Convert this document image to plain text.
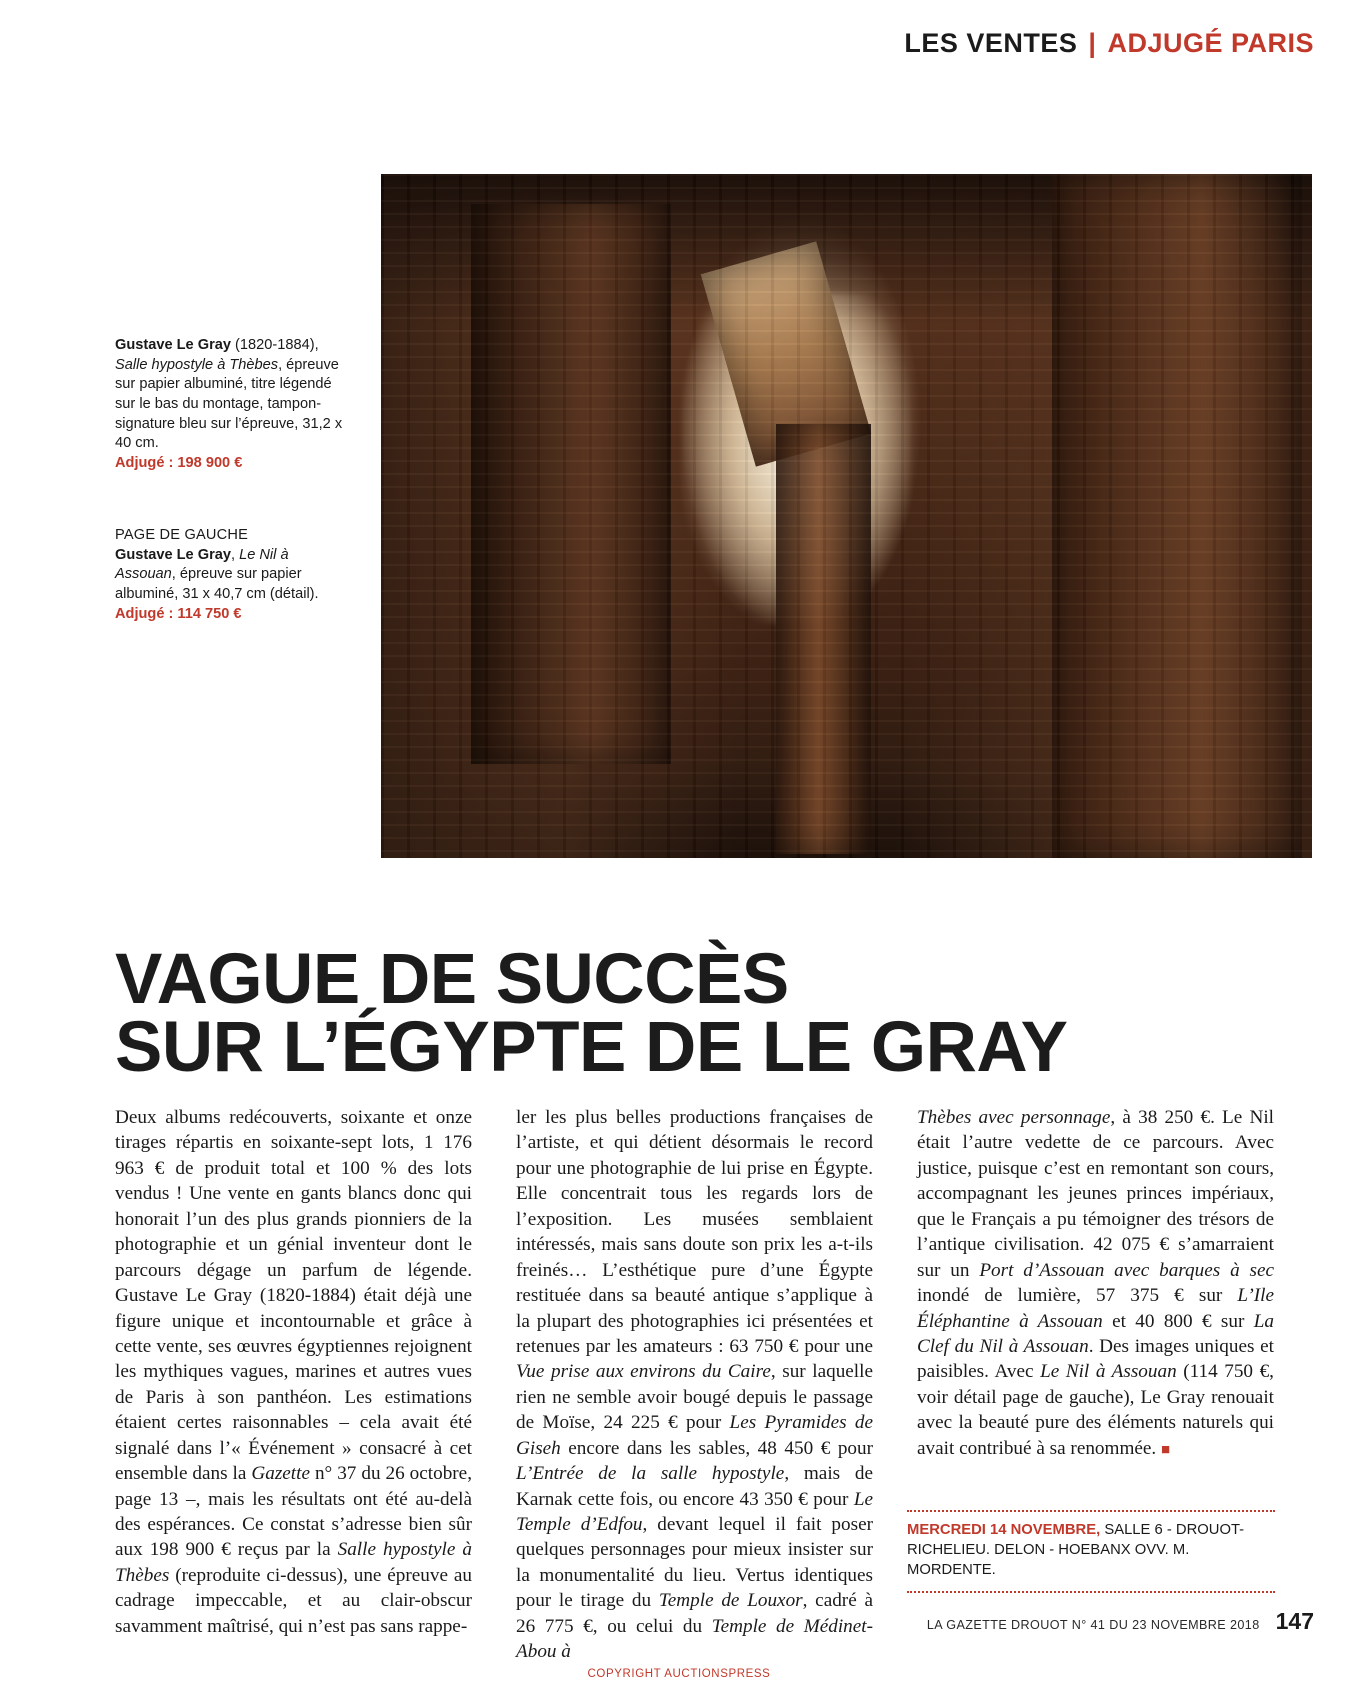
LES VENTES | ADJUGÉ PARIS
Gustave Le Gray (1820-1884),
Salle hypostyle à Thèbes, épreuve sur papier albuminé, titre légendé sur le bas du montage, tampon-signature bleu sur l’épreuve, 31,2 x 40 cm.
Adjugé : 198 900 €
PAGE DE GAUCHE
Gustave Le Gray, Le Nil à Assouan, épreuve sur papier albuminé, 31 x 40,7 cm (détail).
Adjugé : 114 750 €
VAGUE DE SUCCÈS
SUR L’ÉGYPTE DE LE GRAY

Deux albums redécouverts, soixante et onze tirages répartis en soixante-sept lots, 1 176 963 € de produit total et 100 % des lots vendus ! Une vente en gants blancs donc qui honorait l’un des plus grands pionniers de la photographie et un génial inventeur dont le parcours dégage un parfum de légende. Gustave Le Gray (1820-1884) était déjà une figure unique et incontournable et grâce à cette vente, ses œuvres égyptiennes rejoignent les mythiques vagues, marines et autres vues de Paris à son panthéon. Les estimations étaient certes raisonnables – cela avait été signalé dans l’« Événement » consacré à cet ensemble dans la Gazette n° 37 du 26 octobre, page 13 –, mais les résultats ont été au-delà des espérances. Ce constat s’adresse bien sûr aux 198 900 € reçus par la Salle hypostyle à Thèbes (reproduite ci-dessus), une épreuve au cadrage impeccable, et au clair-obscur savamment maîtrisé, qui n’est pas sans rappe-

ler les plus belles productions françaises de l’artiste, et qui détient désormais le record pour une photographie de lui prise en Égypte. Elle concentrait tous les regards lors de l’exposition. Les musées semblaient intéressés, mais sans doute son prix les a-t-ils freinés… L’esthétique pure d’une Égypte restituée dans sa beauté antique s’applique à la plupart des photographies ici présentées et retenues par les amateurs : 63 750 € pour une Vue prise aux environs du Caire, sur laquelle rien ne semble avoir bougé depuis le passage de Moïse, 24 225 € pour Les Pyramides de Giseh encore dans les sables, 48 450 € pour L’Entrée de la salle hypostyle, mais de Karnak cette fois, ou encore 43 350 € pour Le Temple d’Edfou, devant lequel il fait poser quelques personnages pour mieux insister sur la monumentalité du lieu. Vertus identiques pour le tirage du Temple de Louxor, cadré à 26 775 €, ou celui du Temple de Médinet-Abou à

Thèbes avec personnage, à 38 250 €. Le Nil était l’autre vedette de ce parcours. Avec justice, puisque c’est en remontant son cours, accompagnant les jeunes princes impériaux, que le Français a pu témoigner des trésors de l’antique civilisation. 42 075 € s’amarraient sur un Port d’Assouan avec barques à sec inondé de lumière, 57 375 € sur L’Ile Éléphantine à Assouan et 40 800 € sur La Clef du Nil à Assouan. Des images uniques et paisibles. Avec Le Nil à Assouan (114 750 €, voir détail page de gauche), Le Gray renouait avec la beauté pure des éléments naturels qui avait contribué à sa renommée. ■

MERCREDI 14 NOVEMBRE, SALLE 6 - DROUOT-RICHELIEU. DELON - HOEBANX OVV. M. MORDENTE.
LA GAZETTE DROUOT N° 41 DU 23 NOVEMBRE 2018 147
COPYRIGHT AUCTIONSPRESS
